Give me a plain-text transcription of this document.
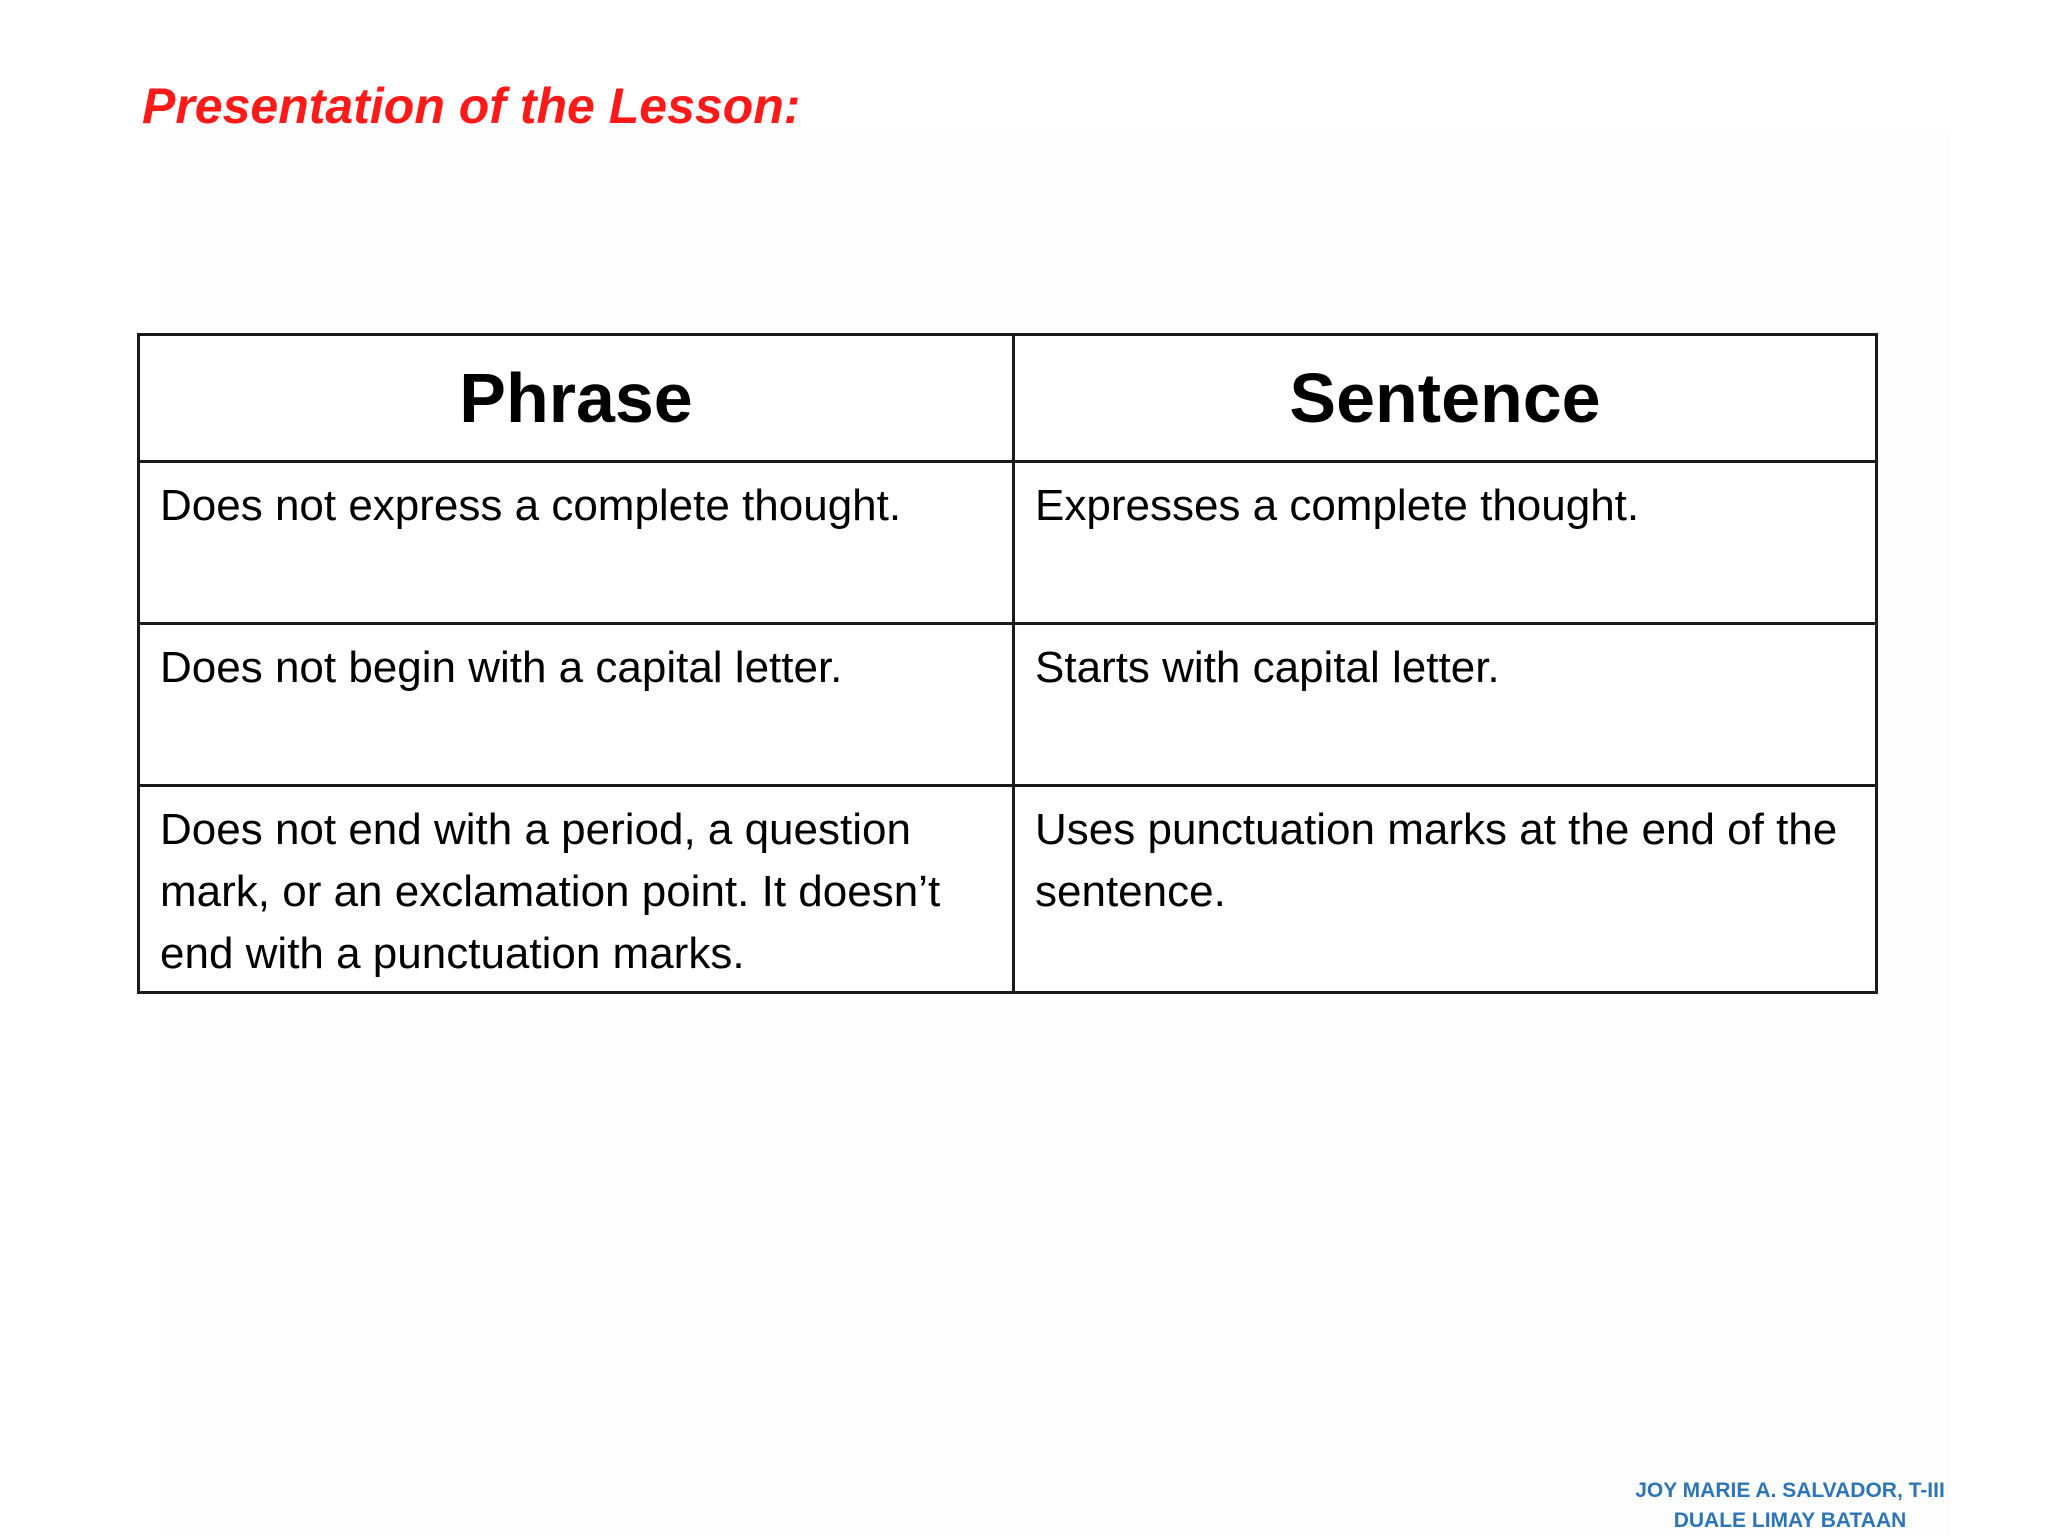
Presentation of the Lesson:
Phrase	Sentence
Does not express a complete thought.	Expresses a complete thought.
Does not begin with a capital letter.	Starts with capital letter.
Does not end with a period, a question mark, or an exclamation point. It doesn’t end with a punctuation marks.	Uses punctuation marks at the end of the sentence.
JOY MARIE A. SALVADOR, T-III
DUALE LIMAY BATAAN
